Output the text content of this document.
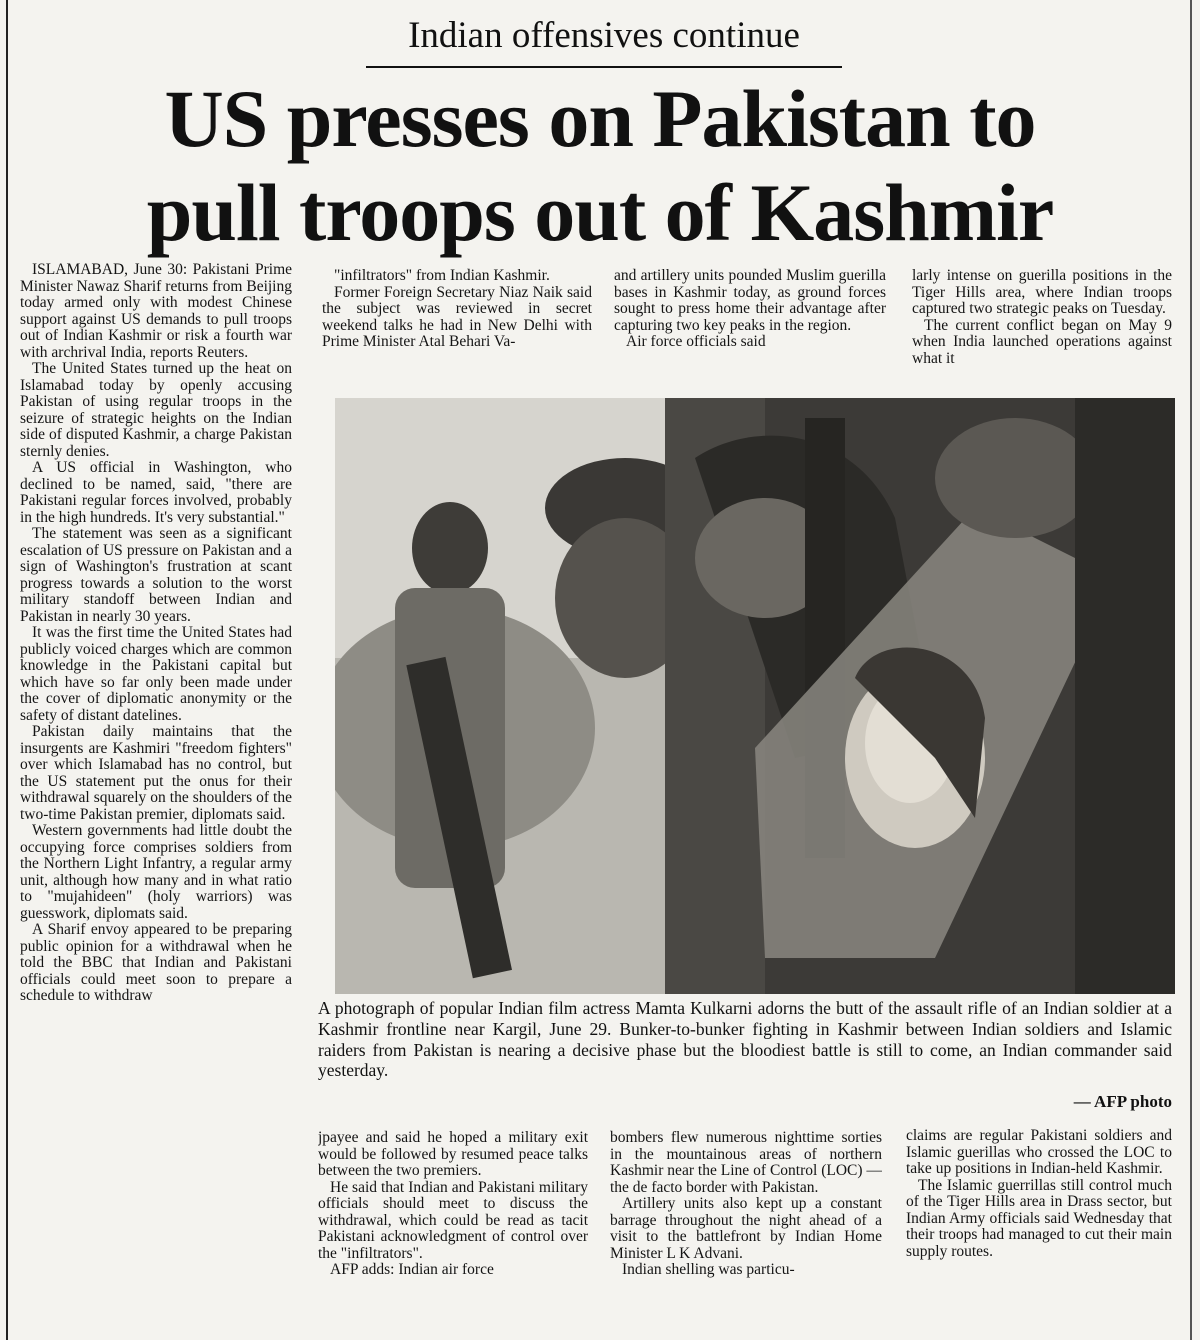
Indian offensives continue
US presses on Pakistan to
pull troops out of Kashmir

ISLAMABAD, June 30: Pakistani Prime Minister Nawaz Sharif returns from Beijing today armed only with modest Chinese support against US demands to pull troops out of Indian Kashmir or risk a fourth war with archrival India, reports Reuters.

The United States turned up the heat on Islamabad today by openly accusing Pakistan of using regular troops in the seizure of strategic heights on the Indian side of disputed Kashmir, a charge Pakistan sternly denies.

A US official in Washington, who declined to be named, said, "there are Pakistani regular forces involved, probably in the high hundreds. It's very substantial."

The statement was seen as a significant escalation of US pressure on Pakistan and a sign of Washington's frustration at scant progress towards a solution to the worst military standoff between Indian and Pakistan in nearly 30 years.

It was the first time the United States had publicly voiced charges which are common knowledge in the Pakistani capital but which have so far only been made under the cover of diplomatic anonymity or the safety of distant datelines.

Pakistan daily maintains that the insurgents are Kashmiri "freedom fighters" over which Islamabad has no control, but the US statement put the onus for their withdrawal squarely on the shoulders of the two-time Pakistan premier, diplomats said.

Western governments had little doubt the occupying force comprises soldiers from the Northern Light Infantry, a regular army unit, although how many and in what ratio to "mujahideen" (holy warriors) was guesswork, diplomats said.

A Sharif envoy appeared to be preparing public opinion for a withdrawal when he told the BBC that Indian and Pakistani officials could meet soon to prepare a schedule to withdraw

"infiltrators" from Indian Kashmir.

Former Foreign Secretary Niaz Naik said the subject was reviewed in secret weekend talks he had in New Delhi with Prime Minister Atal Behari Va-

and artillery units pounded Muslim guerilla bases in Kashmir today, as ground forces sought to press home their advantage after capturing two key peaks in the region.

Air force officials said

larly intense on guerilla positions in the Tiger Hills area, where Indian troops captured two strategic peaks on Tuesday.

The current conflict began on May 9 when India launched operations against what it

A photograph of popular Indian film actress Mamta Kulkarni adorns the butt of the assault rifle of an Indian soldier at a Kashmir frontline near Kargil, June 29. Bunker-to-bunker fighting in Kashmir between Indian soldiers and Islamic raiders from Pakistan is nearing a decisive phase but the bloodiest battle is still to come, an Indian commander said yesterday.
— AFP photo

jpayee and said he hoped a military exit would be followed by resumed peace talks between the two premiers.

He said that Indian and Pakistani military officials should meet to discuss the withdrawal, which could be read as tacit Pakistani acknowledgment of control over the "infiltrators".

AFP adds: Indian air force

bombers flew numerous nighttime sorties in the mountainous areas of northern Kashmir near the Line of Control (LOC) —the de facto border with Pakistan.

Artillery units also kept up a constant barrage throughout the night ahead of a visit to the battlefront by Indian Home Minister L K Advani.

Indian shelling was particu-

claims are regular Pakistani soldiers and Islamic guerillas who crossed the LOC to take up positions in Indian-held Kashmir.

The Islamic guerrillas still control much of the Tiger Hills area in Drass sector, but Indian Army officials said Wednesday that their troops had managed to cut their main supply routes.
